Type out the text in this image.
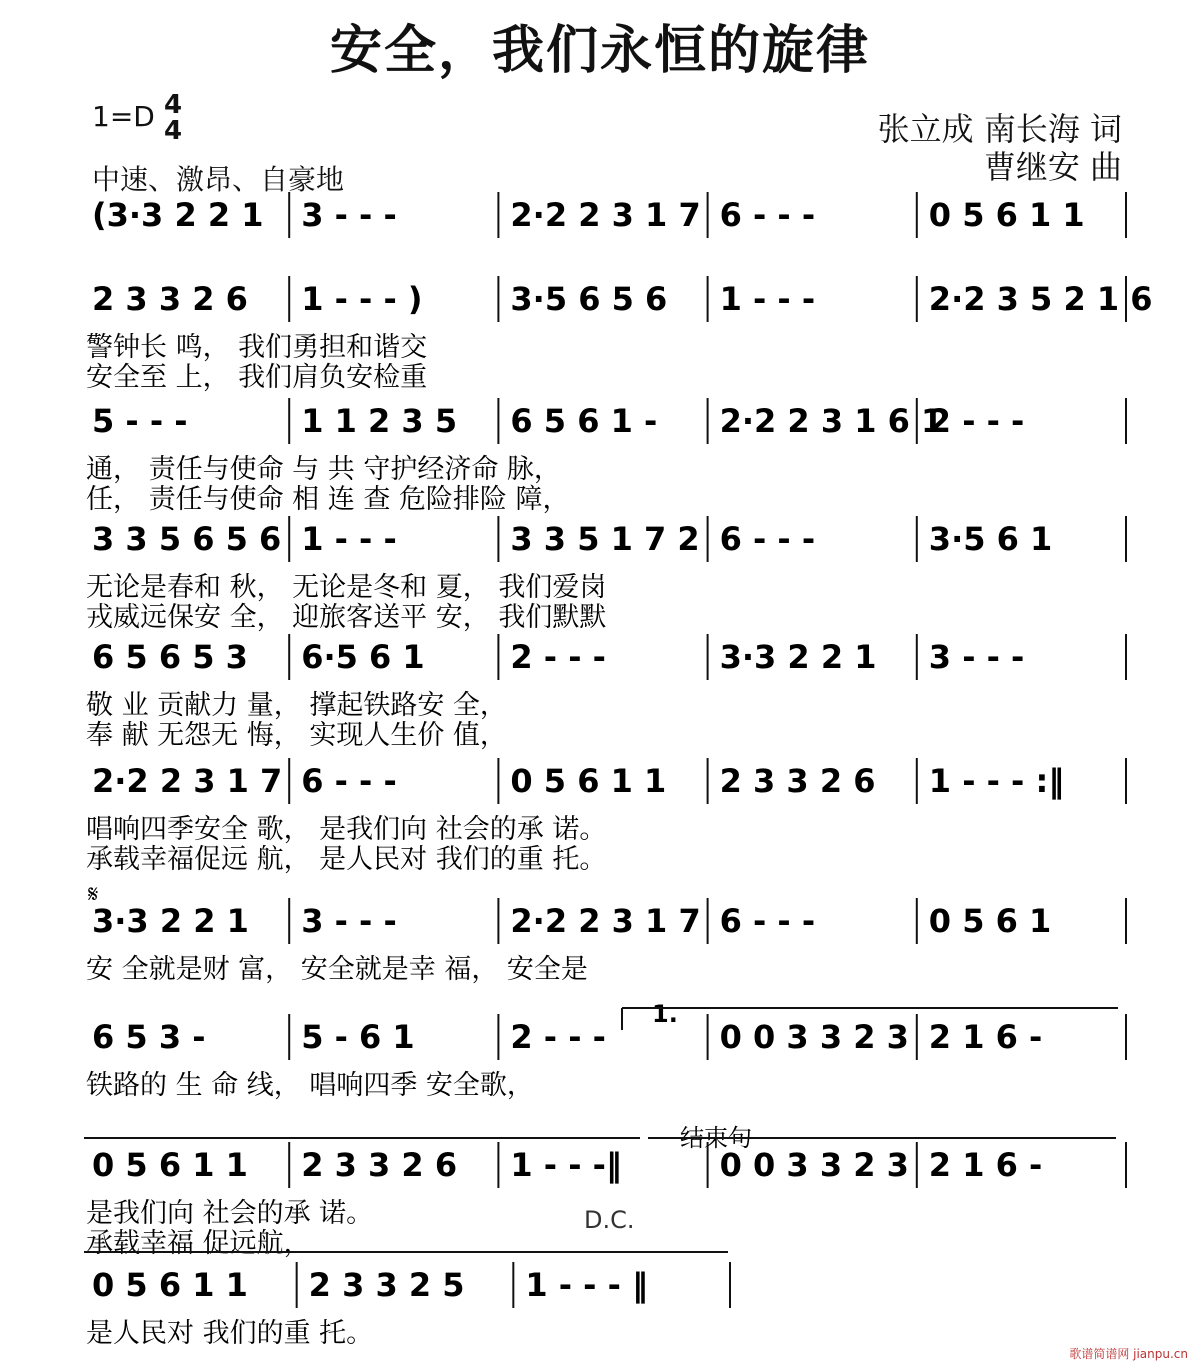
安全，我们永恒的旋律
1=D 4
4
中速、激昂、自豪地
张立成 南长海 词
曹继安 曲
(3·3 2 2 1 3 - - -	2·2 2 3 1 7 6 - - -	0 5 6 1 1
2 3 3 2 6 1 - - - )	3·5 6 5 6 1 - - -	2·2 3 5 2 1 6
警钟长 鸣， 我们勇担和谐交
安全至 上， 我们肩负安检重
5 - - -	1 1 2 3 5 6 5 6 1 - 2·2 2 3 1 6 1
2 - - -
通， 责任与使命 与 共 守护经济命 脉，
任， 责任与使命 相 连 查 危险排险 障，
3 3 5 6 5 6 1 - - -	3 3 5 1 7 2 6 - - -	3·5 6 1
无论是春和 秋， 无论是冬和 夏， 我们爱岗
戎威远保安 全， 迎旅客送平 安， 我们默默
6 5 6 5 3 6·5 6 1	2 - - -	3·3 2 2 1 3 - - -
敬 业 贡献力 量， 撑起铁路安 全，
奉 献 无怨无 悔， 实现人生价 值，
2·2 2 3 1 7 6 - - -	0 5 6 1 1 2 3 3 2 6 1 - - - :‖
唱响四季安全 歌， 是我们向 社会的承 诺。
承载幸福促远 航， 是人民对 我们的重 托。
3·3 2 2 1 3 - - -	2·2 2 3 1 7 6 - - -	0 5 6 1
安 全就是财 富， 安全就是幸 福， 安全是
6 5 3 -	5 - 6 1	2 - - -	0 0 3 3 2 3 2 1 6 -
铁路的 生 命 线， 唱响四季 安全歌，
0 5 6 1 1 2 3 3 2 6 1 - - -‖	0 0 3 3 2 3 2 1 6 -
是我们向 社会的承 诺。
承载幸福 促远航，
0 5 6 1 1 2 3 3 2 5 1 - - - ‖
是人民对 我们的重 托。
𝄋
1.
结束句
D.C.
歌谱简谱网 jianpu.cn
